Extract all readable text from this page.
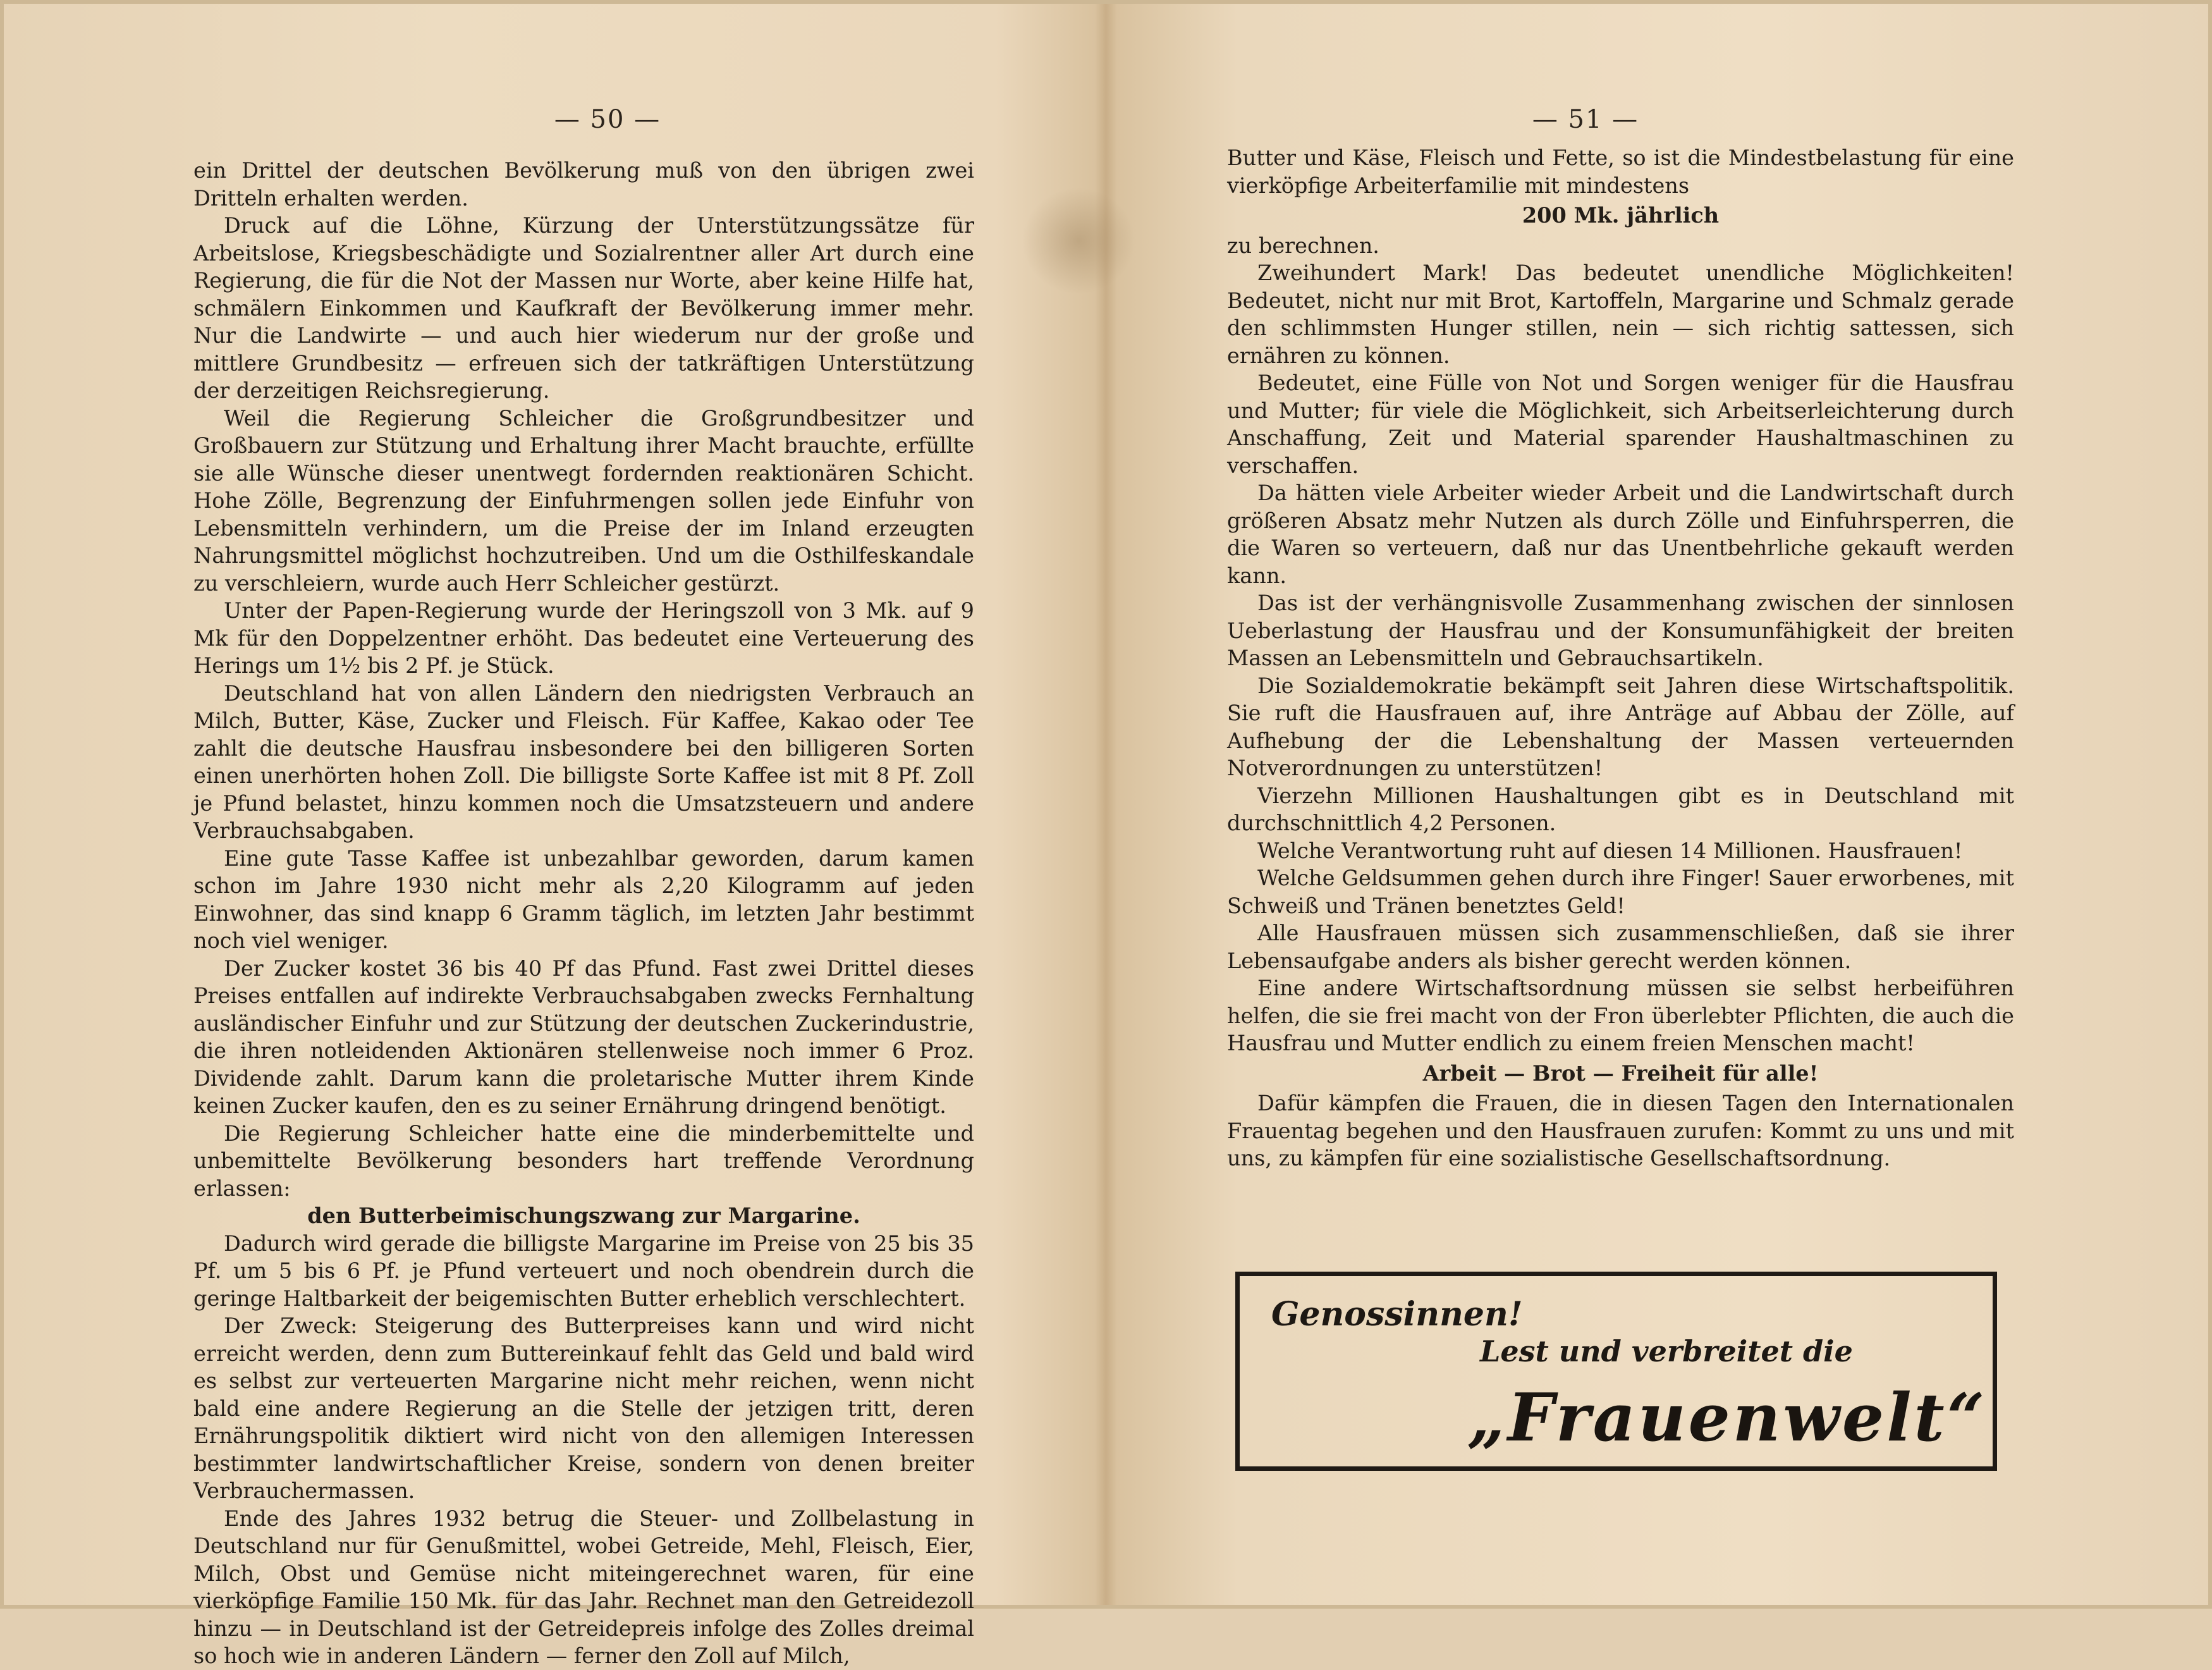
— 50 —

ein Drittel der deutschen Bevölkerung muß von den übrigen zwei Dritteln erhalten werden.

Druck auf die Löhne, Kürzung der Unterstützungssätze für Arbeitslose, Kriegsbeschädigte und Sozialrentner aller Art durch eine Regierung, die für die Not der Massen nur Worte, aber keine Hilfe hat, schmälern Einkommen und Kaufkraft der Bevölkerung immer mehr. Nur die Landwirte — und auch hier wiederum nur der große und mittlere Grundbesitz — erfreuen sich der tatkräftigen Unterstützung der derzeitigen Reichsregierung.

Weil die Regierung Schleicher die Großgrundbesitzer und Großbauern zur Stützung und Erhaltung ihrer Macht brauchte, erfüllte sie alle Wünsche dieser unentwegt fordernden reaktionären Schicht. Hohe Zölle, Begrenzung der Einfuhrmengen sollen jede Einfuhr von Lebensmitteln verhindern, um die Preise der im Inland erzeugten Nahrungsmittel möglichst hochzutreiben. Und um die Osthilfeskandale zu verschleiern, wurde auch Herr Schleicher gestürzt.

Unter der Papen-Regierung wurde der Heringszoll von 3 Mk. auf 9 Mk für den Doppelzentner erhöht. Das bedeutet eine Verteuerung des Herings um 1½ bis 2 Pf. je Stück.

Deutschland hat von allen Ländern den niedrigsten Verbrauch an Milch, Butter, Käse, Zucker und Fleisch. Für Kaffee, Kakao oder Tee zahlt die deutsche Hausfrau insbesondere bei den billigeren Sorten einen unerhörten hohen Zoll. Die billigste Sorte Kaffee ist mit 8 Pf. Zoll je Pfund belastet, hinzu kommen noch die Umsatzsteuern und andere Verbrauchsabgaben.

Eine gute Tasse Kaffee ist unbezahlbar geworden, darum kamen schon im Jahre 1930 nicht mehr als 2,20 Kilogramm auf jeden Einwohner, das sind knapp 6 Gramm täglich, im letzten Jahr bestimmt noch viel weniger.

Der Zucker kostet 36 bis 40 Pf das Pfund. Fast zwei Drittel dieses Preises entfallen auf indirekte Verbrauchsabgaben zwecks Fernhaltung ausländischer Einfuhr und zur Stützung der deutschen Zuckerindustrie, die ihren notleidenden Aktionären stellenweise noch immer 6 Proz. Dividende zahlt. Darum kann die proletarische Mutter ihrem Kinde keinen Zucker kaufen, den es zu seiner Ernährung dringend benötigt.

Die Regierung Schleicher hatte eine die minderbemittelte und unbemittelte Bevölkerung besonders hart treffende Verordnung erlassen:

den Butterbeimischungszwang zur Margarine.

Dadurch wird gerade die billigste Margarine im Preise von 25 bis 35 Pf. um 5 bis 6 Pf. je Pfund verteuert und noch obendrein durch die geringe Haltbarkeit der beigemischten Butter erheblich verschlechtert.

Der Zweck: Steigerung des Butterpreises kann und wird nicht erreicht werden, denn zum Buttereinkauf fehlt das Geld und bald wird es selbst zur verteuerten Margarine nicht mehr reichen, wenn nicht bald eine andere Regierung an die Stelle der jetzigen tritt, deren Ernährungspolitik diktiert wird nicht von den allemigen Interessen bestimmter landwirtschaftlicher Kreise, sondern von denen breiter Verbrauchermassen.

Ende des Jahres 1932 betrug die Steuer- und Zollbelastung in Deutschland nur für Genußmittel, wobei Getreide, Mehl, Fleisch, Eier, Milch, Obst und Gemüse nicht miteingerechnet waren, für eine vierköpfige Familie 150 Mk. für das Jahr. Rechnet man den Getreidezoll hinzu — in Deutschland ist der Getreidepreis infolge des Zolles dreimal so hoch wie in anderen Ländern — ferner den Zoll auf Milch,

— 51 —

Butter und Käse, Fleisch und Fette, so ist die Mindestbelastung für eine vierköpfige Arbeiterfamilie mit mindestens

200 Mk. jährlich

zu berechnen.

Zweihundert Mark! Das bedeutet unendliche Möglichkeiten! Bedeutet, nicht nur mit Brot, Kartoffeln, Margarine und Schmalz gerade den schlimmsten Hunger stillen, nein — sich richtig sattessen, sich ernähren zu können.

Bedeutet, eine Fülle von Not und Sorgen weniger für die Hausfrau und Mutter; für viele die Möglichkeit, sich Arbeitserleichterung durch Anschaffung, Zeit und Material sparender Haushaltmaschinen zu verschaffen.

Da hätten viele Arbeiter wieder Arbeit und die Landwirtschaft durch größeren Absatz mehr Nutzen als durch Zölle und Einfuhrsperren, die die Waren so verteuern, daß nur das Unentbehrliche gekauft werden kann.

Das ist der verhängnisvolle Zusammenhang zwischen der sinnlosen Ueberlastung der Hausfrau und der Konsumunfähigkeit der breiten Massen an Lebensmitteln und Gebrauchsartikeln.

Die Sozialdemokratie bekämpft seit Jahren diese Wirtschaftspolitik. Sie ruft die Hausfrauen auf, ihre Anträge auf Abbau der Zölle, auf Aufhebung der die Lebenshaltung der Massen verteuernden Notverordnungen zu unterstützen!

Vierzehn Millionen Haushaltungen gibt es in Deutschland mit durchschnittlich 4,2 Personen.

Welche Verantwortung ruht auf diesen 14 Millionen. Hausfrauen!

Welche Geldsummen gehen durch ihre Finger! Sauer erworbenes, mit Schweiß und Tränen benetztes Geld!

Alle Hausfrauen müssen sich zusammenschließen, daß sie ihrer Lebensaufgabe anders als bisher gerecht werden können.

Eine andere Wirtschaftsordnung müssen sie selbst herbeiführen helfen, die sie frei macht von der Fron überlebter Pflichten, die auch die Hausfrau und Mutter endlich zu einem freien Menschen macht!

Arbeit — Brot — Freiheit für alle!

Dafür kämpfen die Frauen, die in diesen Tagen den Internationalen Frauentag begehen und den Hausfrauen zurufen: Kommt zu uns und mit uns, zu kämpfen für eine sozialistische Gesellschaftsordnung.

Genossinnen!
Lest und verbreitet die
„Frauenwelt“
